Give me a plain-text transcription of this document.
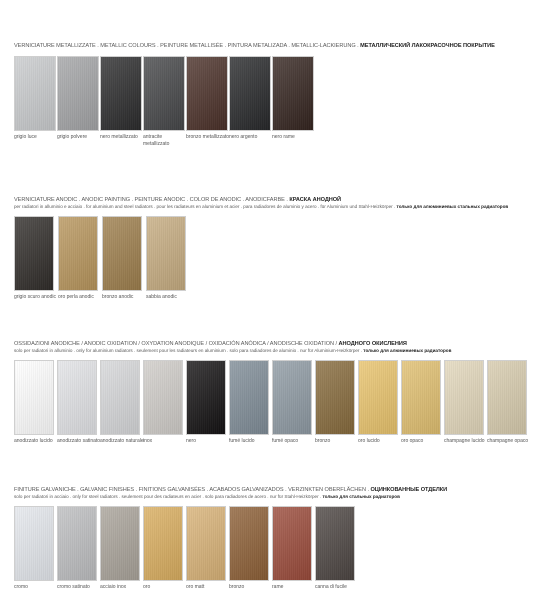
VERNICIATURE METALLIZZATE . METALLIC COLOURS . PEINTURE METALLISÉE . PINTURA METALIZADA . METALLIC-LACKIERUNG . МЕТАЛЛИЧЕСКИЙ ЛАКОКРАСОЧНОЕ ПОКРЫТИЕ
grigio luce	grigio polvere	nero metallizzato	antracite metallizzato
bronzo metallizzato nero argento	nero rame
VERNICIATURE ANODIC . ANODIC PAINTING . PEINTURE ANODIC . COLOR DE ANODIC . ANODICFARBE . КРАСКА АНОДНОЙ
per radiatori in alluminio e acciaio . for aluminium and steel radiators . pour les radiateurs en aluminium et acier . para radiadores de aluminio y acero . für Aluminium und Stahl-Heizkörper . только для алюминиевых стальных радиаторов
grigio scuro anodic oro perla anodic	bronzo anodic	sabbia anodic
OSSIDAZIONI ANODICHE / ANODIC OXIDATION / OXYDATION ANODIQUE / OXIDACIÓN ANÓDICA / ANODISCHE OXIDATION / АНОДНОГО ОКИСЛЕНИЯ
solo per radiatori in alluminio . only for aluminium radiators . seulement pour les radiateurs en aluminium . solo para radiadores de aluminio . nur für Aluminium-Heizkörper . только для алюминиевых радиаторов
anodizzato lucido anodizzato satinato anodizzato naturale inox	nero	fumé lucido	fumé opaco	bronzo	oro lucido	oro opaco	champagne lucido champagne opaco
FINITURE GALVANICHE . GALVANIC FINISHES . FINITIONS GALVANISÉES . ACABADOS GALVANIZADOS . VERZINKTEN OBERFLÄCHEN . ОЦИНКОВАННЫЕ ОТДЕЛКИ
solo per radiatori in acciaio . only for steel radiators . seulement pour des radiateurs en acier . solo para radiadores de acero . nur für Stahl-Heizkörper . только для стальных радиаторов
cromo	cromo satinato	acciaio inox	oro	oro matt	bronzo	rame	canna di fucile
